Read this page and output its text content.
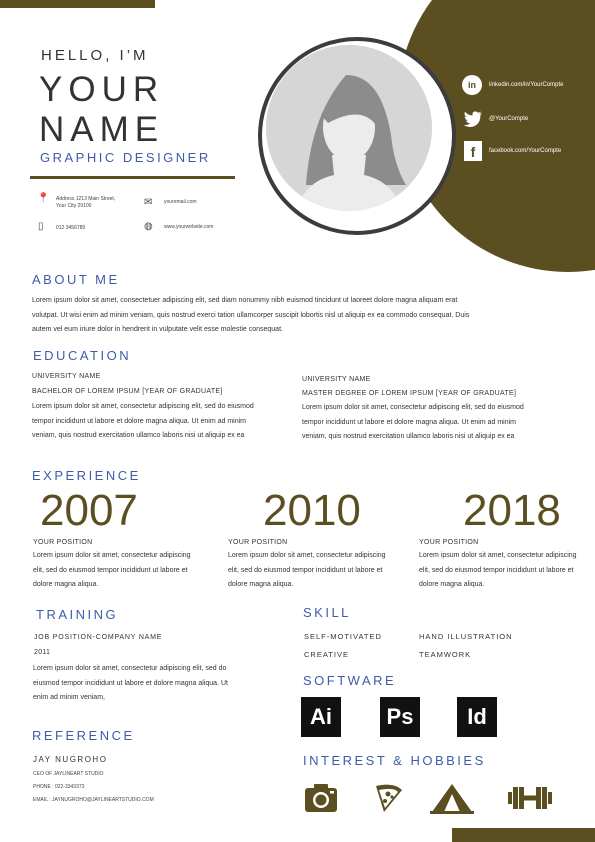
HELLO, I’M
YOUR
NAME
GRAPHIC DESIGNER
📍 Address 1213 Main Street,
Your City 29100	✉ youremail.com
▯ 012 3456789	◍ www.yourwebsite.com
in	linkedin.com/in/YourCompte
@YourCompte
f	facebook.com/YourCompte
ABOUT ME
Lorem ipsum dolor sit amet, consectetuer adipiscing elit, sed diam nonummy nibh euismod tincidunt ut laoreet dolore magna aliquam erat
volutpat. Ut wisi enim ad minim veniam, quis nostrud exerci tation ullamcorper suscipit lobortis nisl ut aliquip ex ea commodo consequat. Duis
autem vel eum iriure dolor in hendrerit in vulputate velit esse molestie consequat.
EDUCATION
UNIVERSITY NAME
BACHELOR OF LOREM IPSUM [YEAR OF GRADUATE]
Lorem ipsum dolor sit amet, consectetur adipiscing elit, sed do eiusmod
tempor incididunt ut labore et dolore magna aliqua. Ut enim ad minim
veniam, quis nostrud exercitation ullamco laboris nisi ut aliquip ex ea
UNIVERSITY NAME
MASTER DEGREE OF LOREM IPSUM [YEAR OF GRADUATE]
Lorem ipsum dolor sit amet, consectetur adipiscing elit, sed do eiusmod
tempor incididunt ut labore et dolore magna aliqua. Ut enim ad minim
veniam, quis nostrud exercitation ullamco laboris nisi ut aliquip ex ea
EXPERIENCE
2007
YOUR POSITION
Lorem ipsum dolor sit amet, consectetur adipiscing
elit, sed do eiusmod tempor incididunt ut labore et
dolore magna aliqua.
2010
YOUR POSITION
Lorem ipsum dolor sit amet, consectetur adipiscing
elit, sed do eiusmod tempor incididunt ut labore et
dolore magna aliqua.
2018
YOUR POSITION
Lorem ipsum dolor sit amet, consectetur adipiscing
elit, sed do eiusmod tempor incididunt ut labore et
dolore magna aliqua.
TRAINING
JOB POSITION-COMPANY NAME
2011
Lorem ipsum dolor sit amet, consectetur adipiscing elit, sed do
eiusmod tempor incididunt ut labore et dolore magna aliqua. Ut
enim ad minim veniam,
REFERENCE
JAY NUGROHO
CEO OF JAYLINEART STUDIO
PHONE : 022-3343373
EMAIL : JAYNUGROHO@JAYLINEARTSTUDIO.COM
SKILL
SELF-MOTIVATED	HAND ILLUSTRATION
CREATIVE	TEAMWORK
SOFTWARE
Ai	Ps	Id
INTEREST & HOBBIES
